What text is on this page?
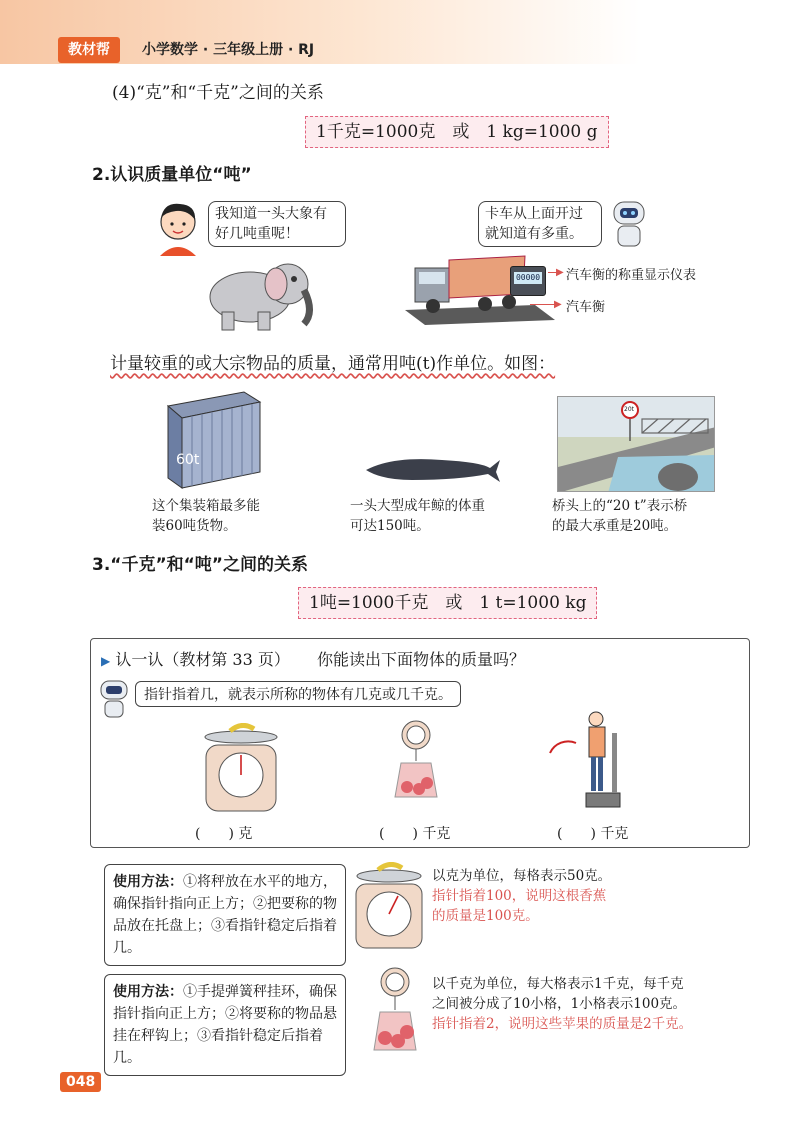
教材帮	小学数学 · 三年级上册 · RJ
(4)“克”和“千克”之间的关系
1千克=1000克　或　1 kg=1000 g
2.认识质量单位“吨”
我知道一头大象有
好几吨重呢！
卡车从上面开过
就知道有多重。
00000 ▶ 汽车衡的称重显示仪表
▶ 汽车衡
计量较重的或大宗物品的质量，通常用吨(t)作单位。如图：
60t
20t
这个集装箱最多能
装60吨货物。
一头大型成年鲸的体重
可达150吨。
桥头上的“20 t”表示桥
的最大承重是20吨。
3.“千克”和“吨”之间的关系
1吨=1000千克　或　1 t=1000 kg
▶ 认一认（教材第 33 页） 你能读出下面物体的质量吗？
指针指着几，就表示所称的物体有几克或几千克。
(　　) 克	(　　) 千克	(　　) 千克
使用方法：①将秤放在水平的地方，确保指针指向正上方；②把要称的物品放在托盘上；③看指针稳定后指着几。
以克为单位，每格表示50克。
指针指着100，说明这根香蕉
的质量是100克。
使用方法：①手提弹簧秤挂环，确保指针指向正上方；②将要称的物品悬挂在秤钩上；③看指针稳定后指着几。
以千克为单位，每大格表示1千克，每千克
之间被分成了10小格，1小格表示100克。
指针指着2，说明这些苹果的质量是2千克。
048
